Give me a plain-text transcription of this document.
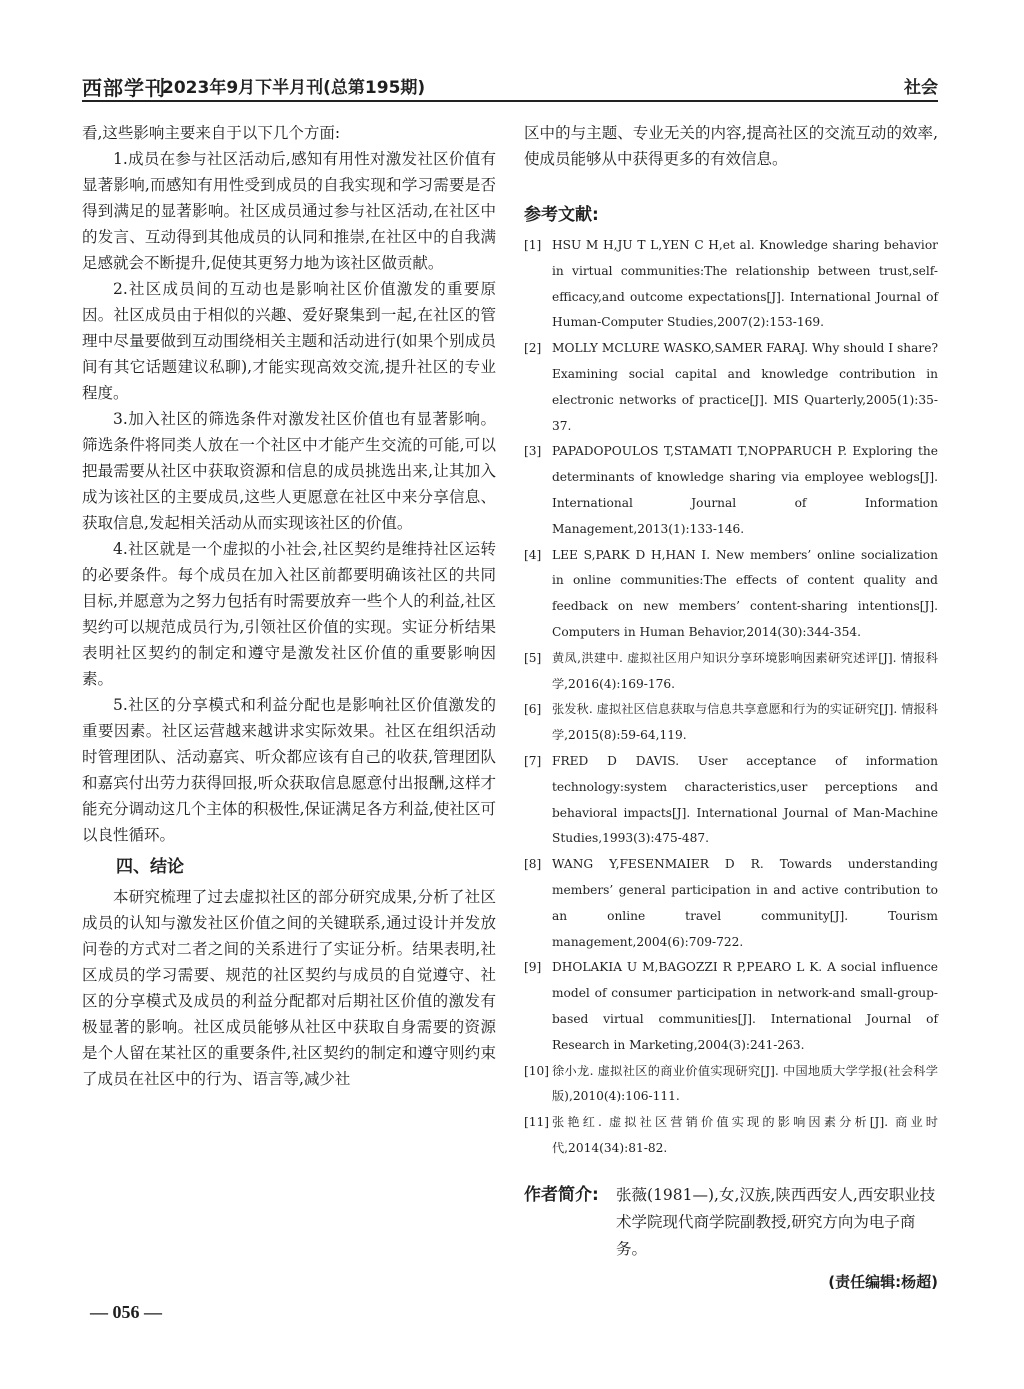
西部学刊
2023年9月下半月刊(总第195期)	社会

看,这些影响主要来自于以下几个方面:

1.成员在参与社区活动后,感知有用性对激发社区价值有显著影响,而感知有用性受到成员的自我实现和学习需要是否得到满足的显著影响。社区成员通过参与社区活动,在社区中的发言、互动得到其他成员的认同和推崇,在社区中的自我满足感就会不断提升,促使其更努力地为该社区做贡献。

2.社区成员间的互动也是影响社区价值激发的重要原因。社区成员由于相似的兴趣、爱好聚集到一起,在社区的管理中尽量要做到互动围绕相关主题和活动进行(如果个别成员间有其它话题建议私聊),才能实现高效交流,提升社区的专业程度。

3.加入社区的筛选条件对激发社区价值也有显著影响。筛选条件将同类人放在一个社区中才能产生交流的可能,可以把最需要从社区中获取资源和信息的成员挑选出来,让其加入成为该社区的主要成员,这些人更愿意在社区中来分享信息、获取信息,发起相关活动从而实现该社区的价值。

4.社区就是一个虚拟的小社会,社区契约是维持社区运转的必要条件。每个成员在加入社区前都要明确该社区的共同目标,并愿意为之努力包括有时需要放弃一些个人的利益,社区契约可以规范成员行为,引领社区价值的实现。实证分析结果表明社区契约的制定和遵守是激发社区价值的重要影响因素。

5.社区的分享模式和利益分配也是影响社区价值激发的重要因素。社区运营越来越讲求实际效果。社区在组织活动时管理团队、活动嘉宾、听众都应该有自己的收获,管理团队和嘉宾付出劳力获得回报,听众获取信息愿意付出报酬,这样才能充分调动这几个主体的积极性,保证满足各方利益,使社区可以良性循环。

四、结论

本研究梳理了过去虚拟社区的部分研究成果,分析了社区成员的认知与激发社区价值之间的关键联系,通过设计并发放问卷的方式对二者之间的关系进行了实证分析。结果表明,社区成员的学习需要、规范的社区契约与成员的自觉遵守、社区的分享模式及成员的利益分配都对后期社区价值的激发有极显著的影响。社区成员能够从社区中获取自身需要的资源是个人留在某社区的重要条件,社区契约的制定和遵守则约束了成员在社区中的行为、语言等,减少社

区中的与主题、专业无关的内容,提高社区的交流互动的效率,使成员能够从中获得更多的有效信息。

参考文献:
[1] HSU M H,JU T L,YEN C H,et al. Knowledge sharing behavior in virtual communities:The relationship between trust,self-efficacy,and outcome expectations[J]. International Journal of Human-Computer Studies,2007(2):153-169.
[2] MOLLY MCLURE WASKO,SAMER FARAJ. Why should I share? Examining social capital and knowledge contribution in electronic networks of practice[J]. MIS Quarterly,2005(1):35-37.
[3] PAPADOPOULOS T,STAMATI T,NOPPARUCH P. Exploring the determinants of knowledge sharing via employee weblogs[J]. International Journal of Information Management,2013(1):133-146.
[4] LEE S,PARK D H,HAN I. New members’ online socialization in online communities:The effects of content quality and feedback on new members’ content-sharing intentions[J]. Computers in Human Behavior,2014(30):344-354.
[5] 黄凤,洪建中. 虚拟社区用户知识分享环境影响因素研究述评[J]. 情报科学,2016(4):169-176.
[6] 张发秋. 虚拟社区信息获取与信息共享意愿和行为的实证研究[J]. 情报科学,2015(8):59-64,119.
[7] FRED D DAVIS. User acceptance of information technology:system characteristics,user perceptions and behavioral impacts[J]. International Journal of Man-Machine Studies,1993(3):475-487.
[8] WANG Y,FESENMAIER D R. Towards understanding members’ general participation in and active contribution to an online travel community[J]. Tourism management,2004(6):709-722.
[9] DHOLAKIA U M,BAGOZZI R P,PEARO L K. A social influence model of consumer participation in network-and small-group-based virtual communities[J]. International Journal of Research in Marketing,2004(3):241-263.
[10] 徐小龙. 虚拟社区的商业价值实现研究[J]. 中国地质大学学报(社会科学版),2010(4):106-111.
[11] 张艳红. 虚拟社区营销价值实现的影响因素分析[J]. 商业时代,2014(34):81-82.
作者简介: 张薇(1981—),女,汉族,陕西西安人,西安职业技术学院现代商学院副教授,研究方向为电子商务。
(责任编辑:杨超)
— 056 —
